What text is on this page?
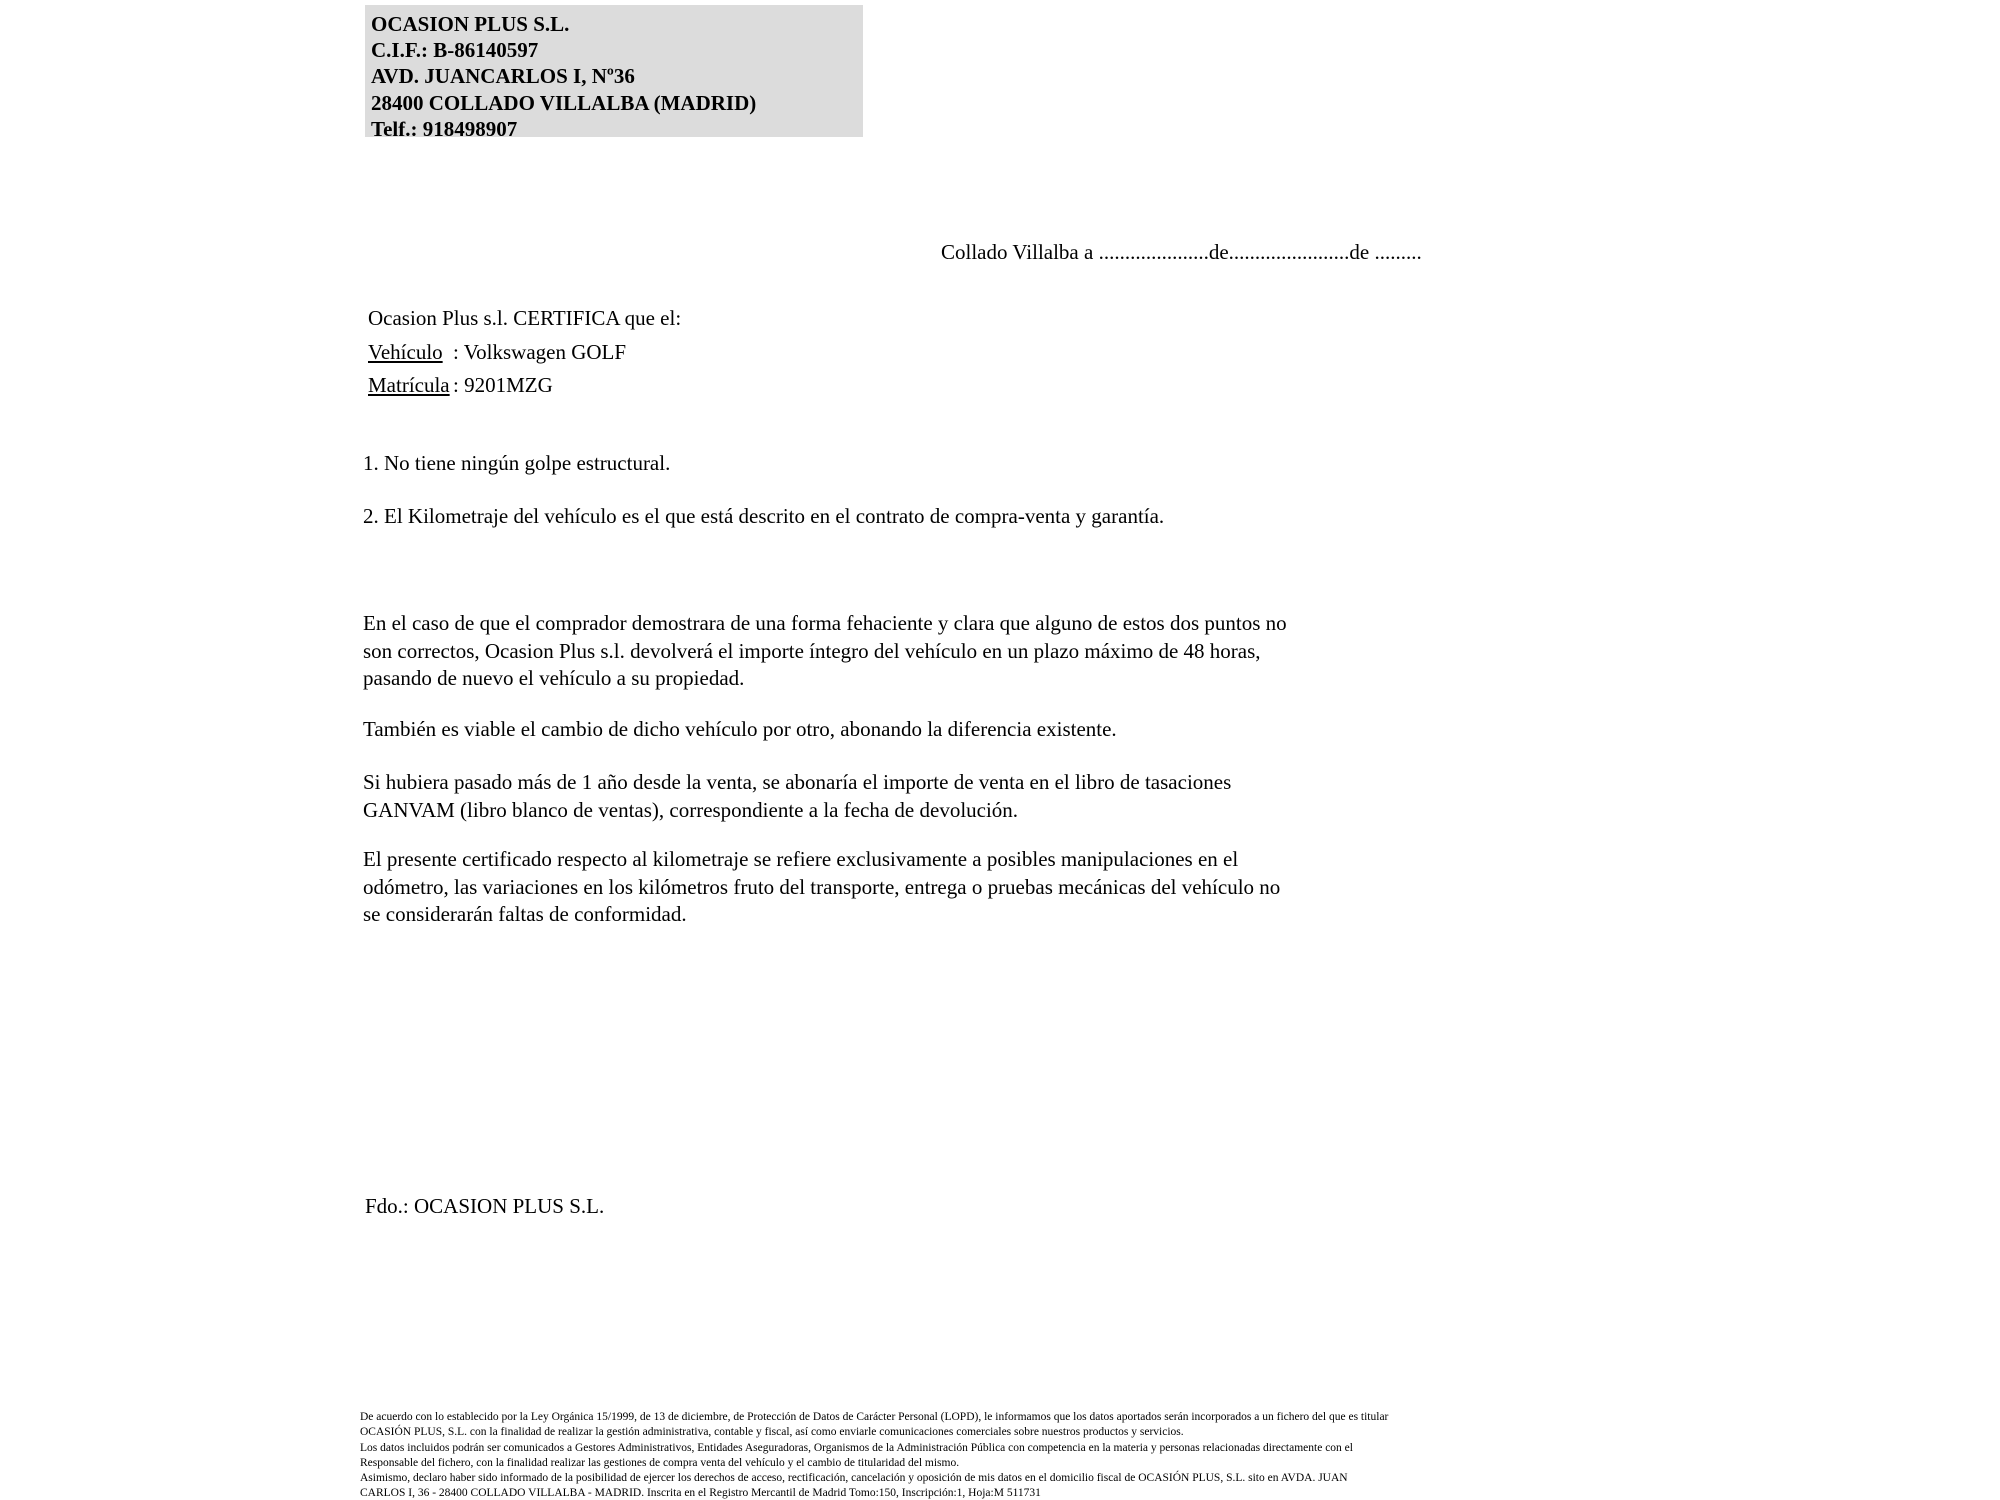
OCASION PLUS S.L.
C.I.F.: B-86140597
AVD. JUANCARLOS I, Nº36
28400 COLLADO VILLALBA (MADRID)
Telf.: 918498907
Collado Villalba a .....................de.......................de .........
Ocasion Plus s.l. CERTIFICA que el:
Vehículo : Volkswagen GOLF
Matrícula : 9201MZG
1. No tiene ningún golpe estructural.
2. El Kilometraje del vehículo es el que está descrito en el contrato de compra-venta y garantía.
En el caso de que el comprador demostrara de una forma fehaciente y clara que alguno de estos dos puntos no
son correctos, Ocasion Plus s.l. devolverá el importe íntegro del vehículo en un plazo máximo de 48 horas,
pasando de nuevo el vehículo a su propiedad.
También es viable el cambio de dicho vehículo por otro, abonando la diferencia existente.
Si hubiera pasado más de 1 año desde la venta, se abonaría el importe de venta en el libro de tasaciones
GANVAM (libro blanco de ventas), correspondiente a la fecha de devolución.
El presente certificado respecto al kilometraje se refiere exclusivamente a posibles manipulaciones en el
odómetro, las variaciones en los kilómetros fruto del transporte, entrega o pruebas mecánicas del vehículo no
se considerarán faltas de conformidad.
Fdo.: OCASION PLUS S.L.
De acuerdo con lo establecido por la Ley Orgánica 15/1999, de 13 de diciembre, de Protección de Datos de Carácter Personal (LOPD), le informamos que los datos aportados serán incorporados a un fichero del que es titular
OCASIÓN PLUS, S.L. con la finalidad de realizar la gestión administrativa, contable y fiscal, así como enviarle comunicaciones comerciales sobre nuestros productos y servicios.
Los datos incluidos podrán ser comunicados a Gestores Administrativos, Entidades Aseguradoras, Organismos de la Administración Pública con competencia en la materia y personas relacionadas directamente con el
Responsable del fichero, con la finalidad realizar las gestiones de compra venta del vehículo y el cambio de titularidad del mismo.
Asimismo, declaro haber sido informado de la posibilidad de ejercer los derechos de acceso, rectificación, cancelación y oposición de mis datos en el domicilio fiscal de OCASIÓN PLUS, S.L. sito en AVDA. JUAN
CARLOS I, 36 - 28400 COLLADO VILLALBA - MADRID. Inscrita en el Registro Mercantil de Madrid Tomo:150, Inscripción:1, Hoja:M 511731
